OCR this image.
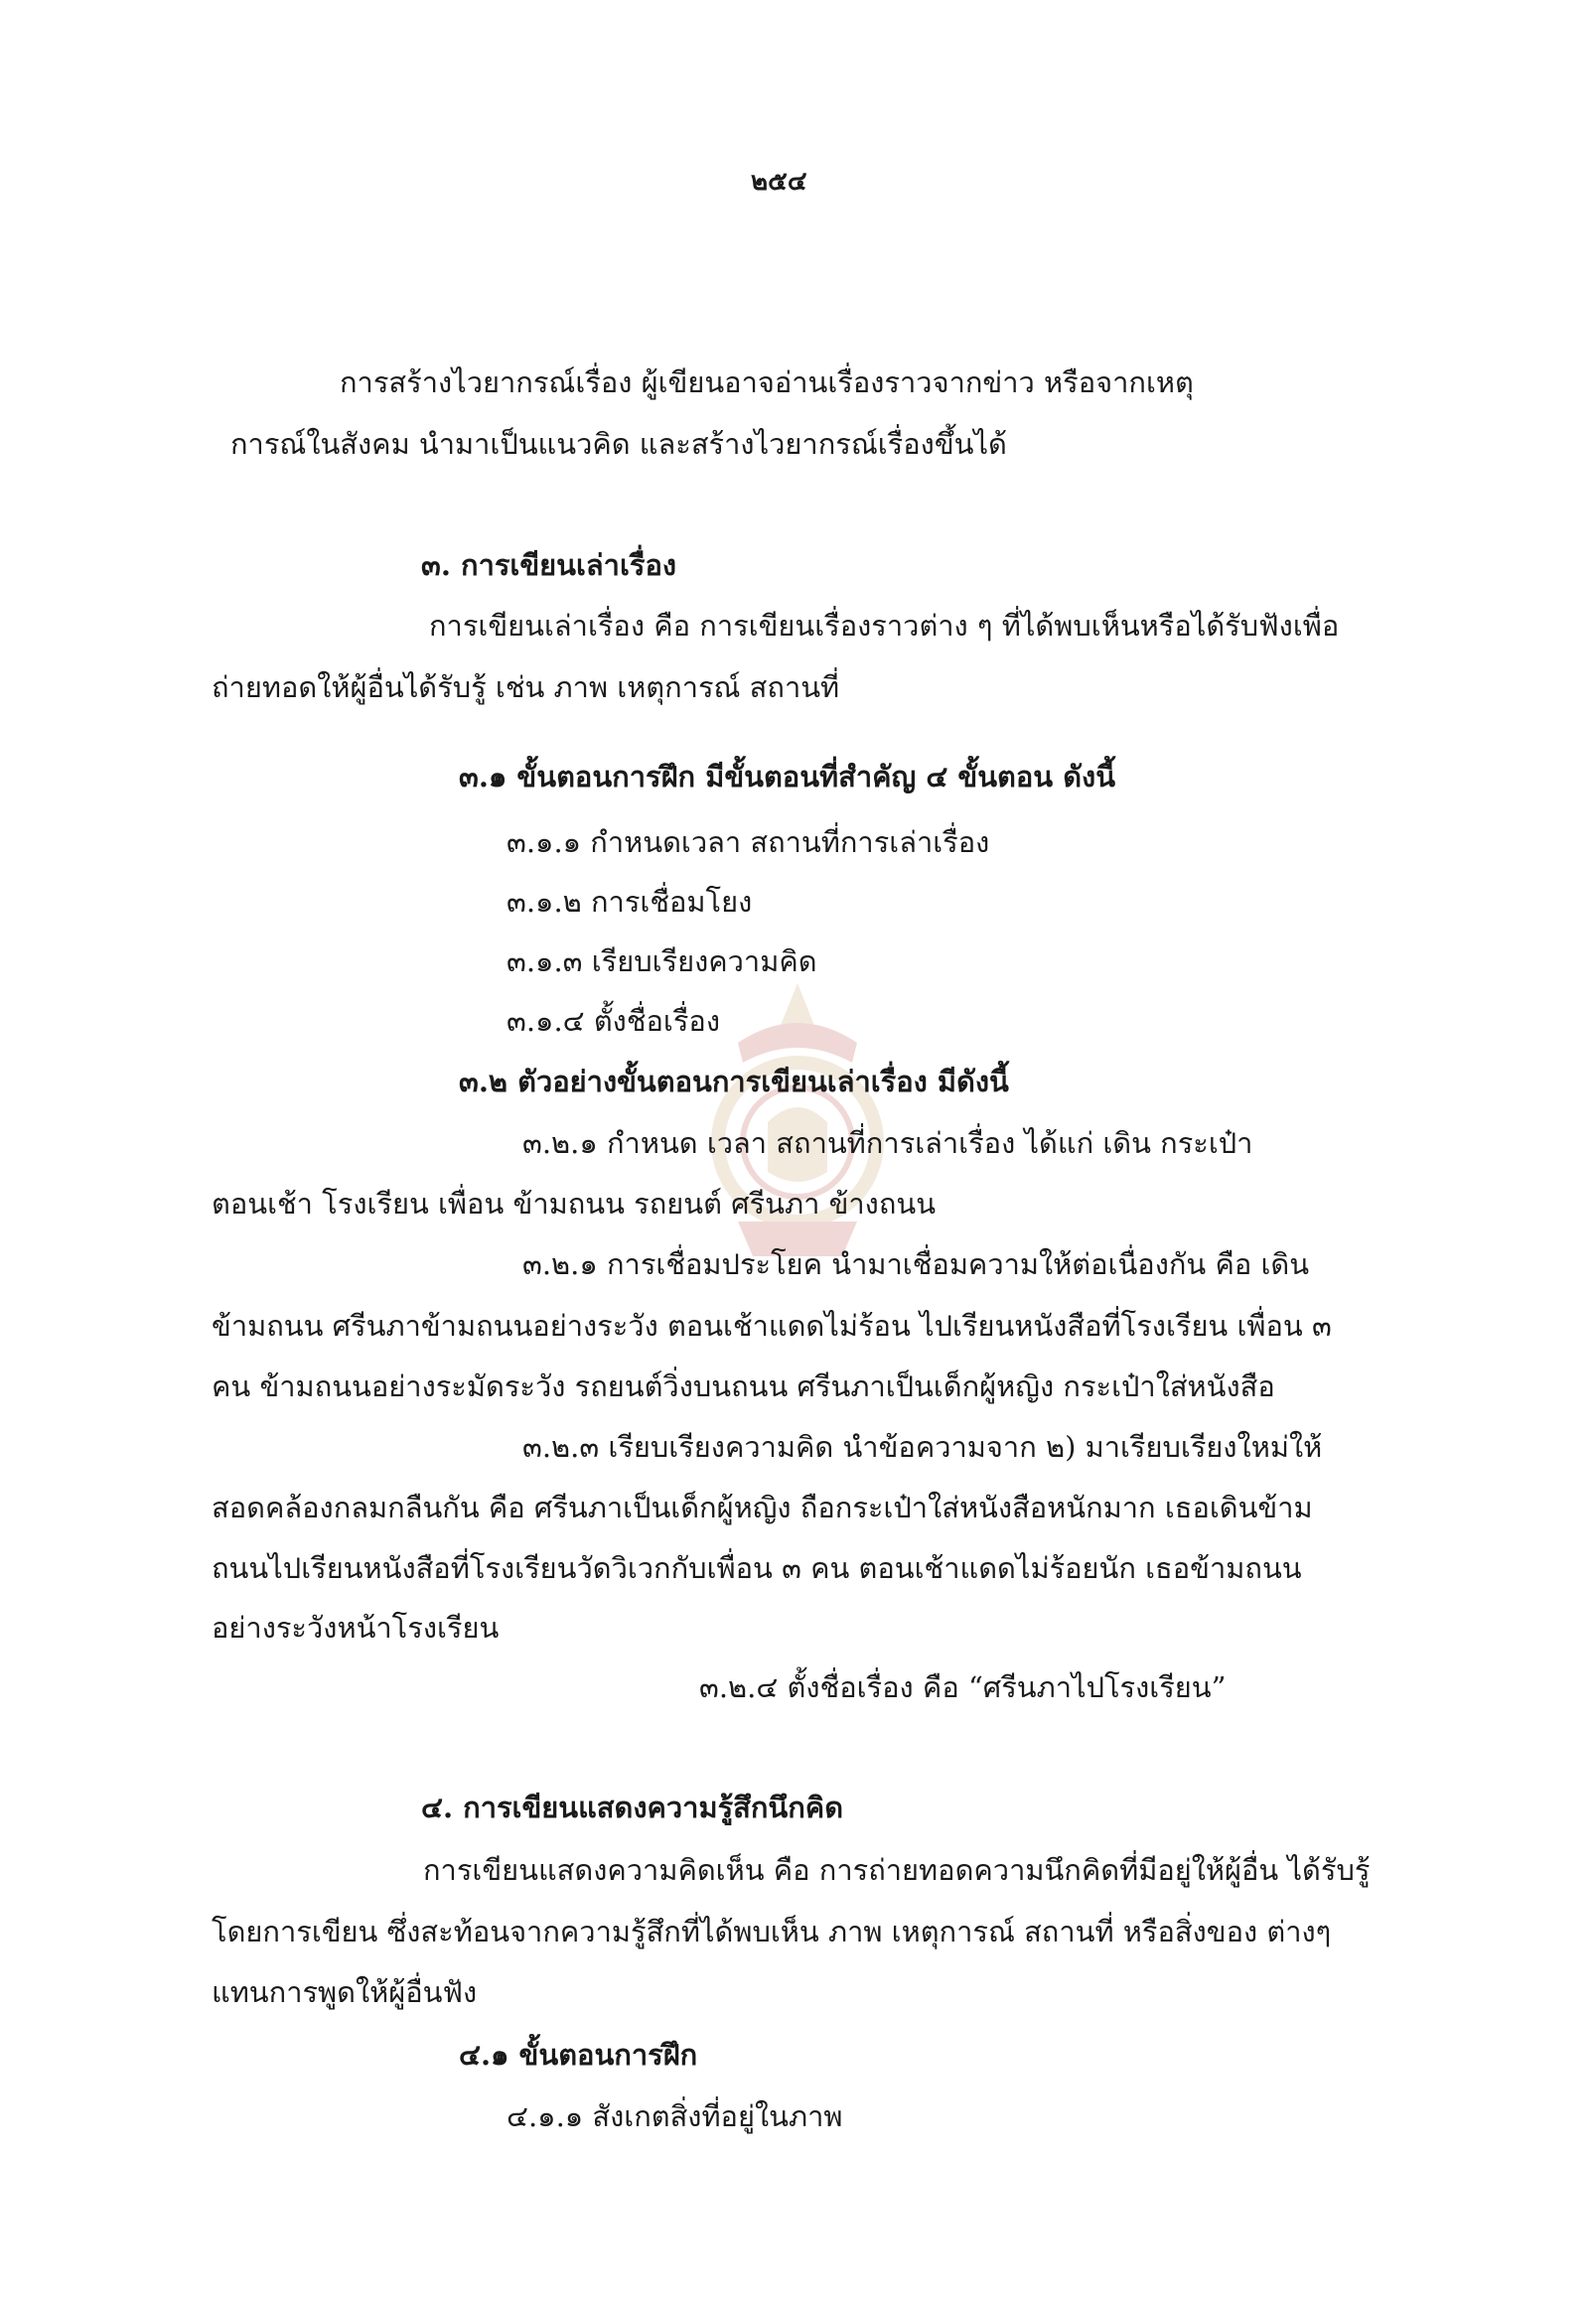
๒๕๔
การสร้างไวยากรณ์เรื่อง ผู้เขียนอาจอ่านเรื่องราวจากข่าว หรือจากเหตุ
การณ์ในสังคม นำมาเป็นแนวคิด และสร้างไวยากรณ์เรื่องขึ้นได้
๓. การเขียนเล่าเรื่อง
การเขียนเล่าเรื่อง คือ การเขียนเรื่องราวต่าง ๆ ที่ได้พบเห็นหรือได้รับฟังเพื่อ
ถ่ายทอดให้ผู้อื่นได้รับรู้ เช่น ภาพ เหตุการณ์ สถานที่
๓.๑ ขั้นตอนการฝึก มีขั้นตอนที่สำคัญ ๔ ขั้นตอน ดังนี้
๓.๑.๑ กำหนดเวลา สถานที่การเล่าเรื่อง
๓.๑.๒ การเชื่อมโยง
๓.๑.๓ เรียบเรียงความคิด
๓.๑.๔ ตั้งชื่อเรื่อง
๓.๒ ตัวอย่างขั้นตอนการเขียนเล่าเรื่อง มีดังนี้
๓.๒.๑ กำหนด เวลา สถานที่การเล่าเรื่อง ได้แก่ เดิน กระเป๋า
ตอนเช้า โรงเรียน เพื่อน ข้ามถนน รถยนต์ ศรีนภา ข้างถนน
๓.๒.๑ การเชื่อมประโยค นำมาเชื่อมความให้ต่อเนื่องกัน คือ เดิน
ข้ามถนน ศรีนภาข้ามถนนอย่างระวัง ตอนเช้าแดดไม่ร้อน ไปเรียนหนังสือที่โรงเรียน เพื่อน ๓
คน ข้ามถนนอย่างระมัดระวัง รถยนต์วิ่งบนถนน ศรีนภาเป็นเด็กผู้หญิง กระเป๋าใส่หนังสือ
๓.๒.๓ เรียบเรียงความคิด นำข้อความจาก ๒) มาเรียบเรียงใหม่ให้
สอดคล้องกลมกลืนกัน คือ ศรีนภาเป็นเด็กผู้หญิง ถือกระเป๋าใส่หนังสือหนักมาก เธอเดินข้าม
ถนนไปเรียนหนังสือที่โรงเรียนวัดวิเวกกับเพื่อน ๓ คน ตอนเช้าแดดไม่ร้อยนัก เธอข้ามถนน
อย่างระวังหน้าโรงเรียน
๓.๒.๔ ตั้งชื่อเรื่อง คือ “ศรีนภาไปโรงเรียน”
๔. การเขียนแสดงความรู้สึกนึกคิด
การเขียนแสดงความคิดเห็น คือ การถ่ายทอดความนึกคิดที่มีอยู่ให้ผู้อื่น ได้รับรู้
โดยการเขียน ซึ่งสะท้อนจากความรู้สึกที่ได้พบเห็น ภาพ เหตุการณ์ สถานที่ หรือสิ่งของ ต่างๆ
แทนการพูดให้ผู้อื่นฟัง
๔.๑ ขั้นตอนการฝึก
๔.๑.๑ สังเกตสิ่งที่อยู่ในภาพ
